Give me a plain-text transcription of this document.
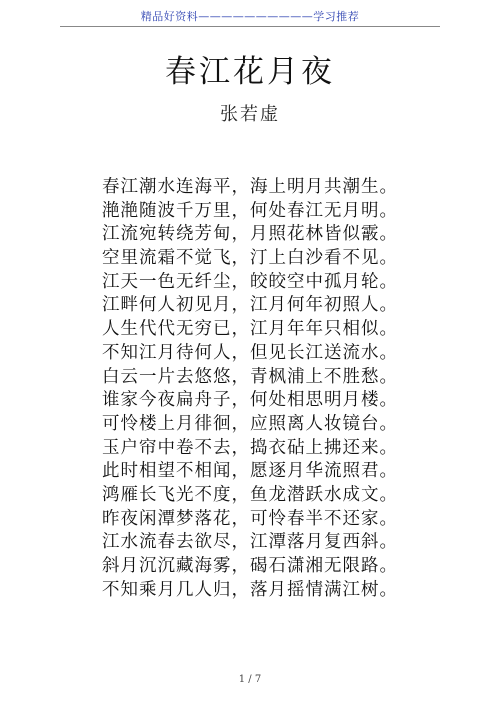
精品好资料——————————学习推荐
春江花月夜
张若虚
春江潮水连海平，海上明月共潮生。
滟滟随波千万里，何处春江无月明。
江流宛转绕芳甸，月照花林皆似霰。
空里流霜不觉飞，汀上白沙看不见。
江天一色无纤尘，皎皎空中孤月轮。
江畔何人初见月，江月何年初照人。
人生代代无穷已，江月年年只相似。
不知江月待何人，但见长江送流水。
白云一片去悠悠，青枫浦上不胜愁。
谁家今夜扁舟子，何处相思明月楼。
可怜楼上月徘徊，应照离人妆镜台。
玉户帘中卷不去，捣衣砧上拂还来。
此时相望不相闻，愿逐月华流照君。
鸿雁长飞光不度，鱼龙潜跃水成文。
昨夜闲潭梦落花，可怜春半不还家。
江水流春去欲尽，江潭落月复西斜。
斜月沉沉藏海雾，碣石潇湘无限路。
不知乘月几人归，落月摇情满江树。
1 / 7
